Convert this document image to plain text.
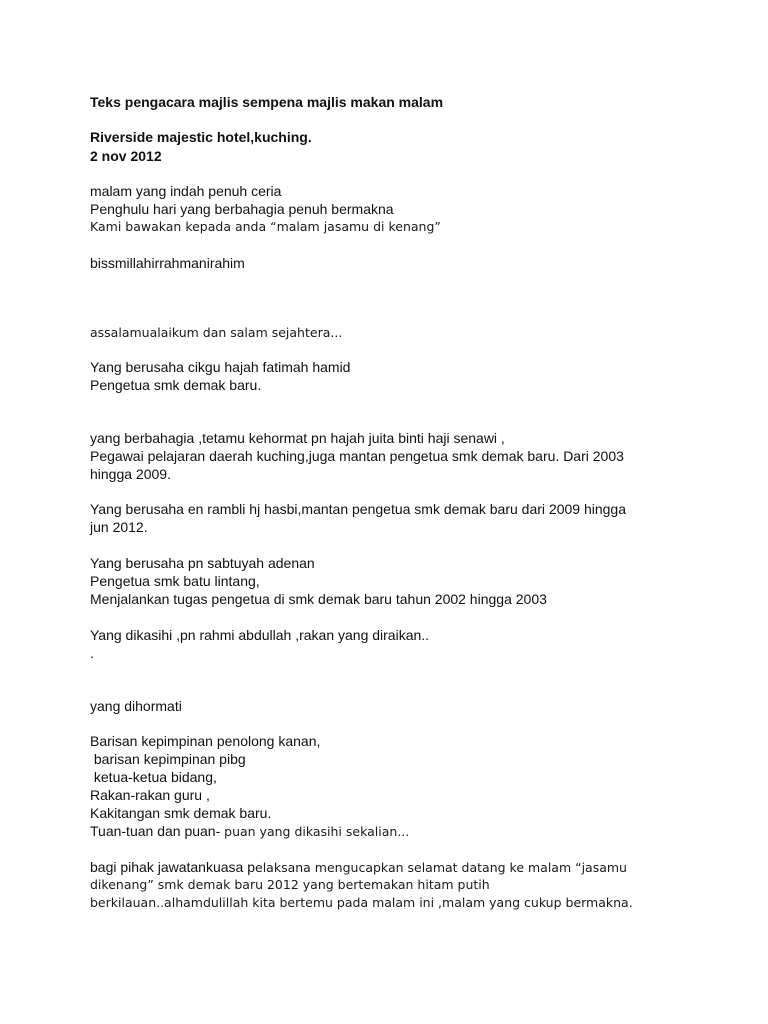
Teks pengacara majlis sempena majlis makan malam

Riverside majestic hotel,kuching.

2 nov 2012

malam yang indah penuh ceria

Penghulu hari yang berbahagia penuh bermakna

Kami bawakan kepada anda “malam jasamu di kenang”

bissmillahirrahmanirahim

assalamualaikum dan salam sejahtera...

Yang berusaha cikgu hajah fatimah hamid

Pengetua smk demak baru.

yang berbahagia ,tetamu kehormat pn hajah juita binti haji senawi ,

Pegawai pelajaran daerah kuching,juga mantan pengetua smk demak baru. Dari 2003

hingga 2009.

Yang berusaha en rambli hj hasbi,mantan pengetua smk demak baru dari 2009 hingga

jun 2012.

Yang berusaha pn sabtuyah adenan

Pengetua smk batu lintang,

Menjalankan tugas pengetua di smk demak baru tahun 2002 hingga 2003

Yang dikasihi ,pn rahmi abdullah ,rakan yang diraikan..

.

yang dihormati

Barisan kepimpinan penolong kanan,

barisan kepimpinan pibg

ketua-ketua bidang,

Rakan-rakan guru ,

Kakitangan smk demak baru.

Tuan-tuan dan puan- puan yang dikasihi sekalian...

bagi pihak jawatankuasa pelaksana mengucapkan selamat datang ke malam “jasamu

dikenang” smk demak baru 2012 yang bertemakan hitam putih

berkilauan..alhamdulillah kita bertemu pada malam ini ,malam yang cukup bermakna.
